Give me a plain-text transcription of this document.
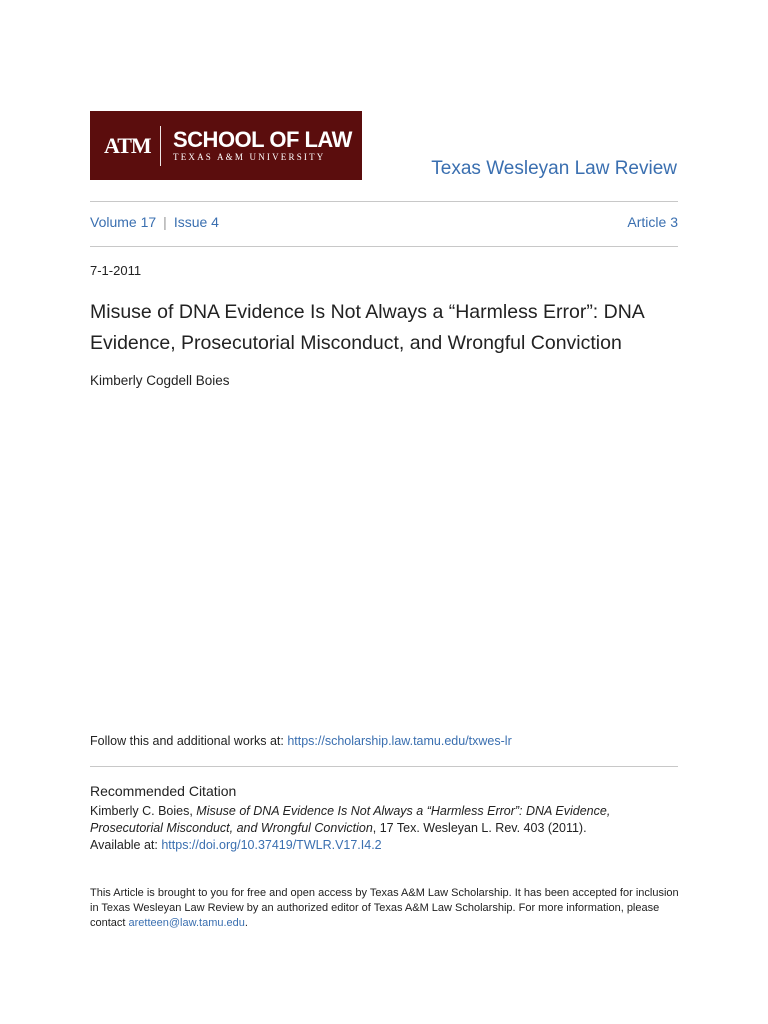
ATM SCHOOL OF LAW
TEXAS A&M UNIVERSITY
Texas Wesleyan Law Review
Volume 17 | Issue 4	Article 3
7-1-2011
Misuse of DNA Evidence Is Not Always a “Harmless Error”: DNA Evidence, Prosecutorial Misconduct, and Wrongful Conviction
Kimberly Cogdell Boies
Follow this and additional works at: https://scholarship.law.tamu.edu/txwes-lr
Recommended Citation
Kimberly C. Boies, Misuse of DNA Evidence Is Not Always a “Harmless Error”: DNA Evidence, Prosecutorial Misconduct, and Wrongful Conviction, 17 Tex. Wesleyan L. Rev. 403 (2011).
Available at: https://doi.org/10.37419/TWLR.V17.I4.2
This Article is brought to you for free and open access by Texas A&M Law Scholarship. It has been accepted for inclusion in Texas Wesleyan Law Review by an authorized editor of Texas A&M Law Scholarship. For more information, please contact aretteen@law.tamu.edu.
